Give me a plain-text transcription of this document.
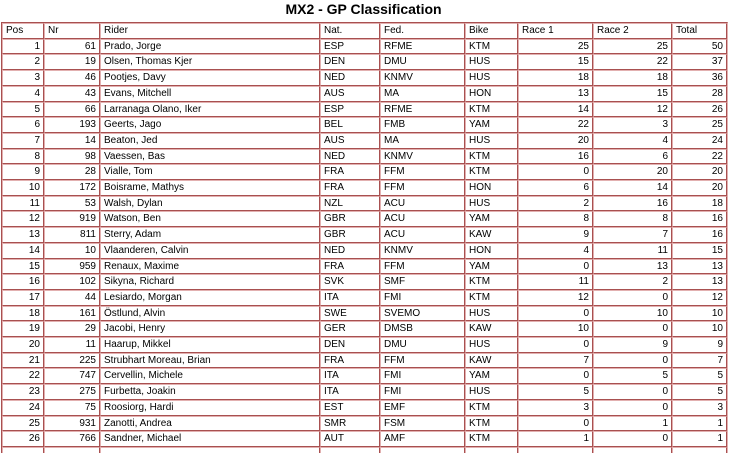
MX2 - GP Classification
Pos	Nr	Rider	Nat.	Fed.	Bike	Race 1	Race 2	Total
1	61	Prado, Jorge	ESP	RFME	KTM	25	25	50
2	19	Olsen, Thomas Kjer	DEN	DMU	HUS	15	22	37
3	46	Pootjes, Davy	NED	KNMV	HUS	18	18	36
4	43	Evans, Mitchell	AUS	MA	HON	13	15	28
5	66	Larranaga Olano, Iker	ESP	RFME	KTM	14	12	26
6	193	Geerts, Jago	BEL	FMB	YAM	22	3	25
7	14	Beaton, Jed	AUS	MA	HUS	20	4	24
8	98	Vaessen, Bas	NED	KNMV	KTM	16	6	22
9	28	Vialle, Tom	FRA	FFM	KTM	0	20	20
10	172	Boisrame, Mathys	FRA	FFM	HON	6	14	20
11	53	Walsh, Dylan	NZL	ACU	HUS	2	16	18
12	919	Watson, Ben	GBR	ACU	YAM	8	8	16
13	811	Sterry, Adam	GBR	ACU	KAW	9	7	16
14	10	Vlaanderen, Calvin	NED	KNMV	HON	4	11	15
15	959	Renaux, Maxime	FRA	FFM	YAM	0	13	13
16	102	Sikyna, Richard	SVK	SMF	KTM	11	2	13
17	44	Lesiardo, Morgan	ITA	FMI	KTM	12	0	12
18	161	Östlund, Alvin	SWE	SVEMO	HUS	0	10	10
19	29	Jacobi, Henry	GER	DMSB	KAW	10	0	10
20	11	Haarup, Mikkel	DEN	DMU	HUS	0	9	9
21	225	Strubhart Moreau, Brian	FRA	FFM	KAW	7	0	7
22	747	Cervellin, Michele	ITA	FMI	YAM	0	5	5
23	275	Furbetta, Joakin	ITA	FMI	HUS	5	0	5
24	75	Roosiorg, Hardi	EST	EMF	KTM	3	0	3
25	931	Zanotti, Andrea	SMR	FSM	KTM	0	1	1
26	766	Sandner, Michael	AUT	AMF	KTM	1	0	1
